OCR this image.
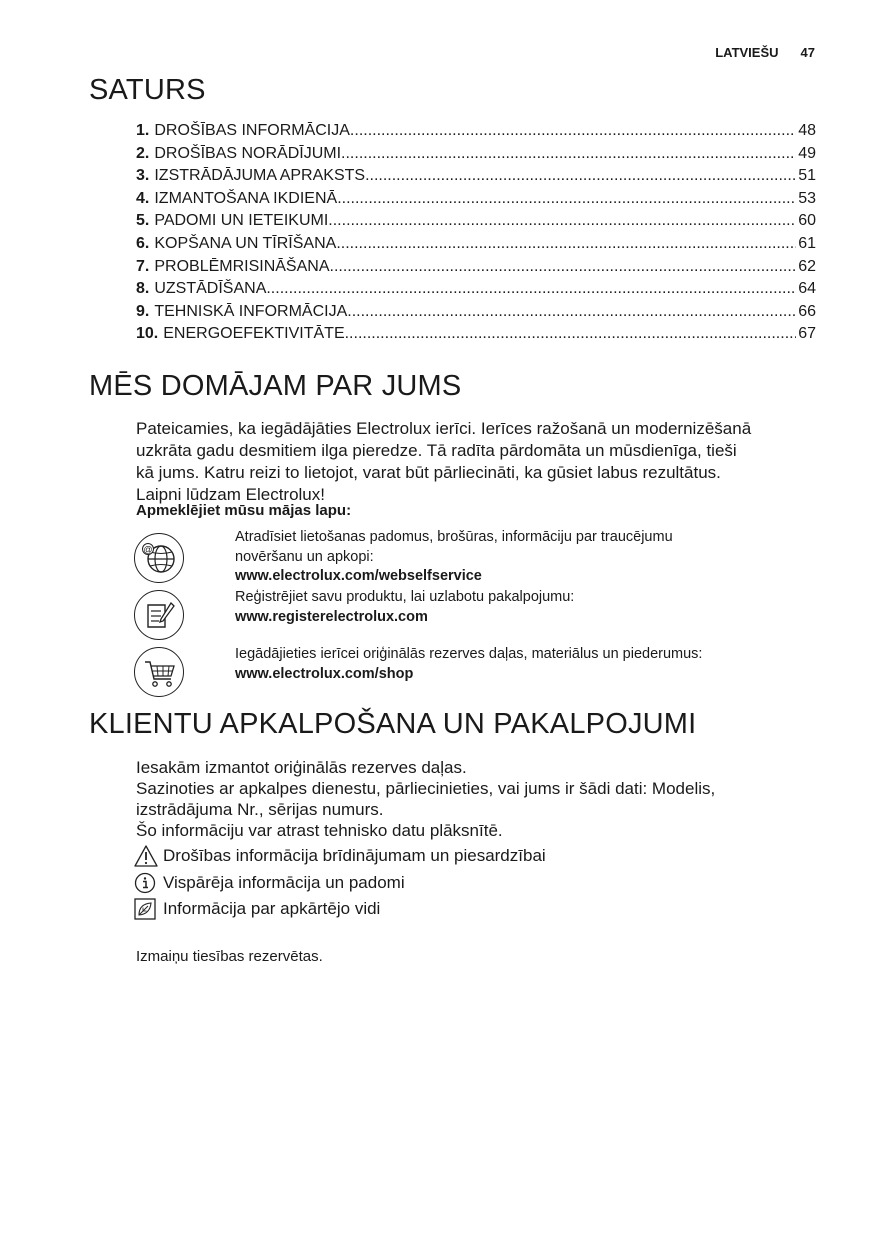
LATVIEŠU 47
SATURS
1. DROŠĪBAS INFORMĀCIJA .....	48
2. DROŠĪBAS NORĀDĪJUMI .....	49
3. IZSTRĀDĀJUMA APRAKSTS .....	51
4. IZMANTOŠANA IKDIENĀ .....	53
5. PADOMI UN IETEIKUMI .....	60
6. KOPŠANA UN TĪRĪŠANA .....	61
7. PROBLĒMRISINĀŠANA .....	62
8. UZSTĀDĪŠANA .....	64
9. TEHNISKĀ INFORMĀCIJA .....	66
10. ENERGOEFEKTIVITĀTE .....	67
MĒS DOMĀJAM PAR JUMS
Pateicamies, ka iegādājāties Electrolux ierīci. Ierīces ražošanā un modernizēšanā
uzkrāta gadu desmitiem ilga pieredze. Tā radīta pārdomāta un mūsdienīga, tieši
kā jums. Katru reizi to lietojot, varat būt pārliecināti, ka gūsiet labus rezultātus.
Laipni lūdzam Electrolux!
Apmeklējiet mūsu mājas lapu:
@
Atradīsiet lietošanas padomus, brošūras, informāciju par traucējumu
novēršanu un apkopi:
www.electrolux.com/webselfservice
Reģistrējiet savu produktu, lai uzlabotu pakalpojumu:
www.registerelectrolux.com
Iegādājieties ierīcei oriģinālās rezerves daļas, materiālus un piederumus:
www.electrolux.com/shop
KLIENTU APKALPOŠANA UN PAKALPOJUMI
Iesakām izmantot oriģinālās rezerves daļas.
Sazinoties ar apkalpes dienestu, pārliecinieties, vai jums ir šādi dati: Modelis,
izstrādājuma Nr., sērijas numurs.
Šo informāciju var atrast tehnisko datu plāksnītē.
Drošības informācija brīdinājumam un piesardzībai
Vispārēja informācija un padomi
Informācija par apkārtējo vidi
Izmaiņu tiesības rezervētas.
